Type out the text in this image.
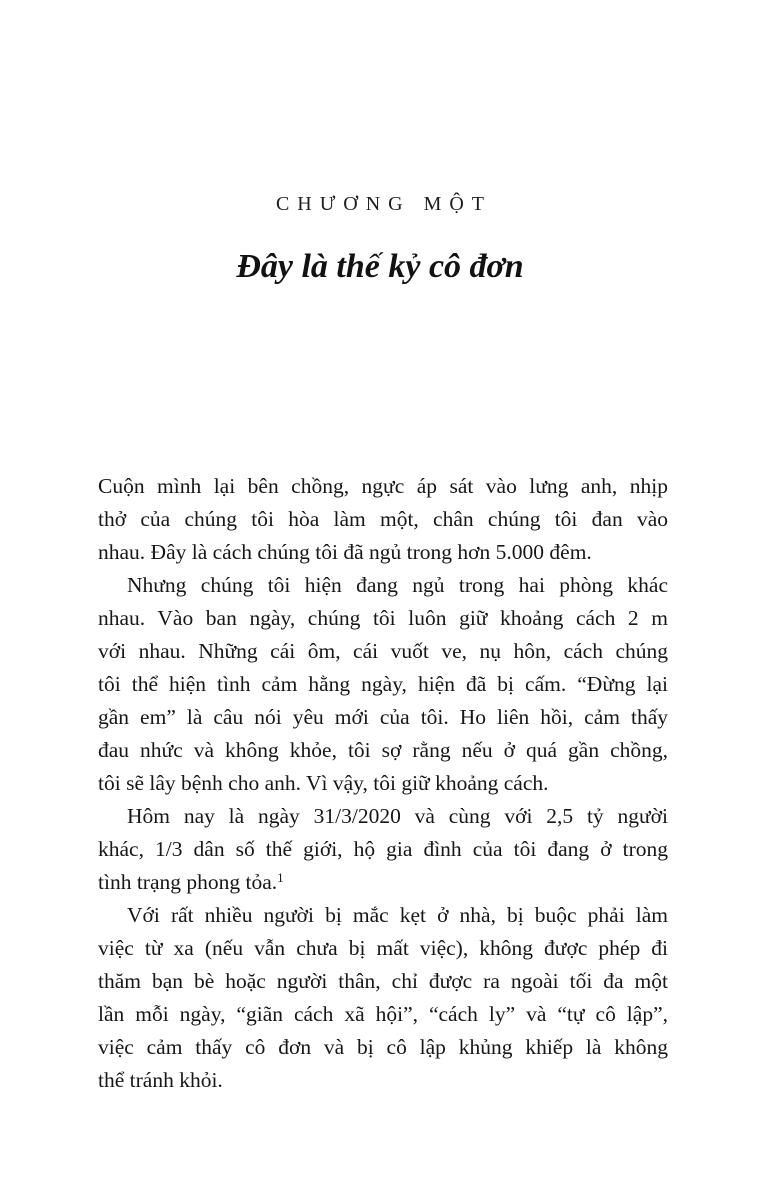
CHƯƠNG MỘT
Đây là thế kỷ cô đơn
Cuộn mình lại bên chồng, ngực áp sát vào lưng anh, nhịp
thở của chúng tôi hòa làm một, chân chúng tôi đan vào
nhau. Đây là cách chúng tôi đã ngủ trong hơn 5.000 đêm.
Nhưng chúng tôi hiện đang ngủ trong hai phòng khác
nhau. Vào ban ngày, chúng tôi luôn giữ khoảng cách 2 m
với nhau. Những cái ôm, cái vuốt ve, nụ hôn, cách chúng
tôi thể hiện tình cảm hằng ngày, hiện đã bị cấm. “Đừng lại
gần em” là câu nói yêu mới của tôi. Ho liên hồi, cảm thấy
đau nhức và không khỏe, tôi sợ rằng nếu ở quá gần chồng,
tôi sẽ lây bệnh cho anh. Vì vậy, tôi giữ khoảng cách.
Hôm nay là ngày 31/3/2020 và cùng với 2,5 tỷ người
khác, 1/3 dân số thế giới, hộ gia đình của tôi đang ở trong
tình trạng phong tỏa.$^1$
Với rất nhiều người bị mắc kẹt ở nhà, bị buộc phải làm
việc từ xa (nếu vẫn chưa bị mất việc), không được phép đi
thăm bạn bè hoặc người thân, chỉ được ra ngoài tối đa một
lần mỗi ngày, “giãn cách xã hội”, “cách ly” và “tự cô lập”,
việc cảm thấy cô đơn và bị cô lập khủng khiếp là không
thể tránh khỏi.
